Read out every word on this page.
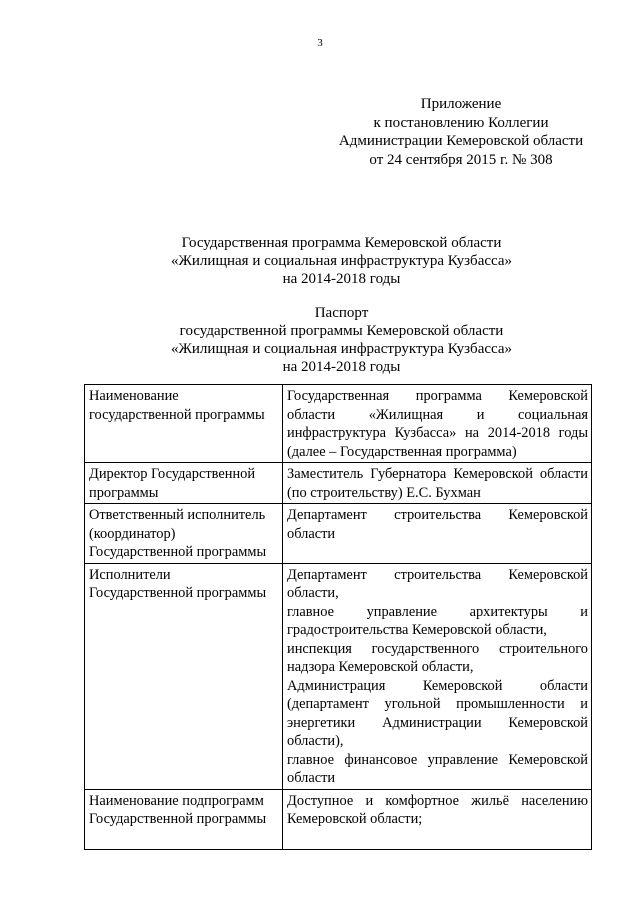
3
Приложение
к постановлению Коллегии
Администрации Кемеровской области
от 24 сентября 2015 г. № 308
Государственная программа Кемеровской области
«Жилищная и социальная инфраструктура Кузбасса»
на 2014-2018 годы
Паспорт
государственной программы Кемеровской области
«Жилищная и социальная инфраструктура Кузбасса»
на 2014-2018 годы
Наименование
государственной программы	Государственная программа Кемеровской области «Жилищная и социальная инфраструктура Кузбасса» на 2014-2018 годы (далее – Государственная программа)

Директор Государственной
программы	Заместитель Губернатора Кемеровской области (по строительству) Е.С. Бухман

Ответственный исполнитель
(координатор)
Государственной программы	Департамент строительства Кемеровской области

Исполнители
Государственной программы	Департамент строительства Кемеровской области,
главное управление архитектуры и градостроительства Кемеровской области,
инспекция государственного строительного надзора Кемеровской области,
Администрация Кемеровской области (департамент угольной промышленности и энергетики Администрации Кемеровской области),
главное финансовое управление Кемеровской области

Наименование подпрограмм
Государственной программы	Доступное и комфортное жильё населению Кемеровской области;
